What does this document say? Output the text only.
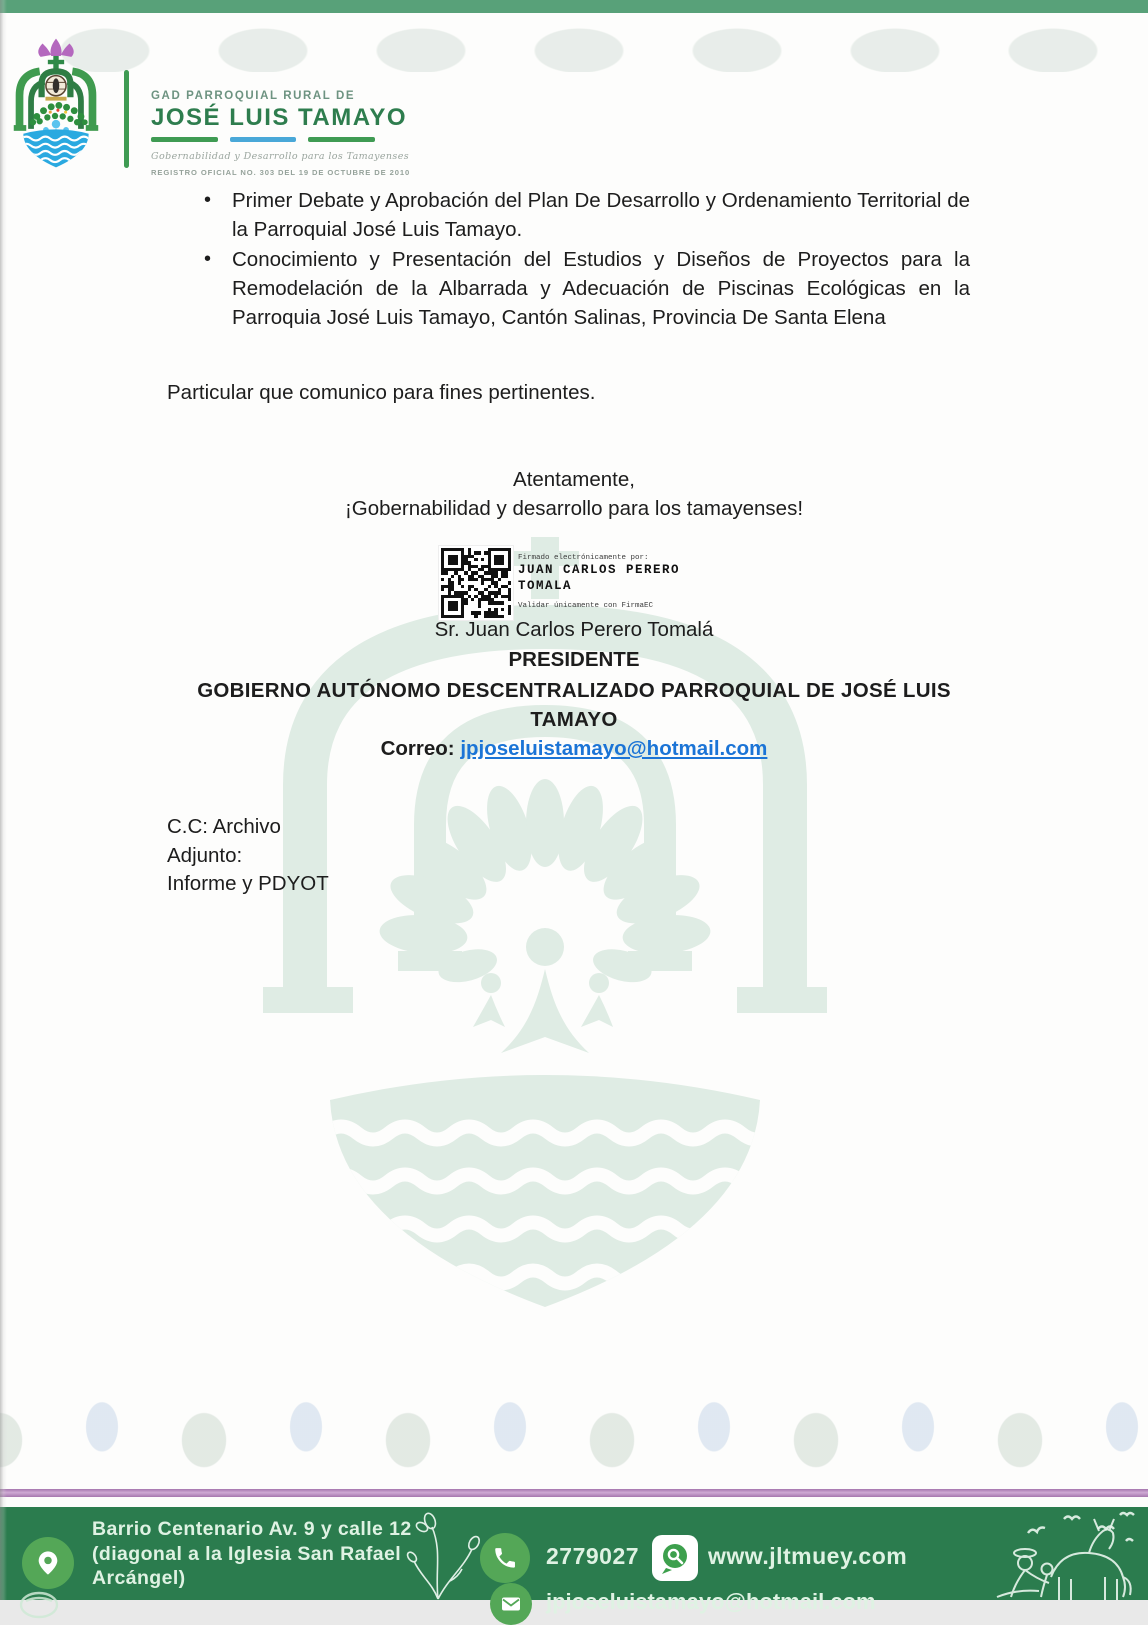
GAD PARROQUIAL RURAL DE
JOSÉ LUIS TAMAYO
Gobernabilidad y Desarrollo para los Tamayenses
REGISTRO OFICIAL NO. 303 DEL 19 DE OCTUBRE DE 2010
• Primer Debate y Aprobación del Plan De Desarrollo y Ordenamiento Territorial de la Parroquial José Luis Tamayo.
• Conocimiento y Presentación del Estudios y Diseños de Proyectos para la Remodelación de la Albarrada y Adecuación de Piscinas Ecológicas en la Parroquia José Luis Tamayo, Cantón Salinas, Provincia De Santa Elena

Particular que comunico para fines pertinentes.

Atentamente,

¡Gobernabilidad y desarrollo para los tamayenses!

Firmado electrónicamente por:
JUAN CARLOS PERERO
TOMALA
Validar únicamente con FirmaEC

Sr. Juan Carlos Perero Tomalá

PRESIDENTE

GOBIERNO AUTÓNOMO DESCENTRALIZADO PARROQUIAL DE JOSÉ LUIS
TAMAYO

Correo: jpjoseluistamayo@hotmail.com

C.C: Archivo

Adjunto:

Informe y PDYOT

Barrio Centenario Av. 9 y calle 12
(diagonal a la Iglesia San Rafael
Arcángel)
2779027	www.jltmuey.com
jpjoseluistamayo@hotmail.com
